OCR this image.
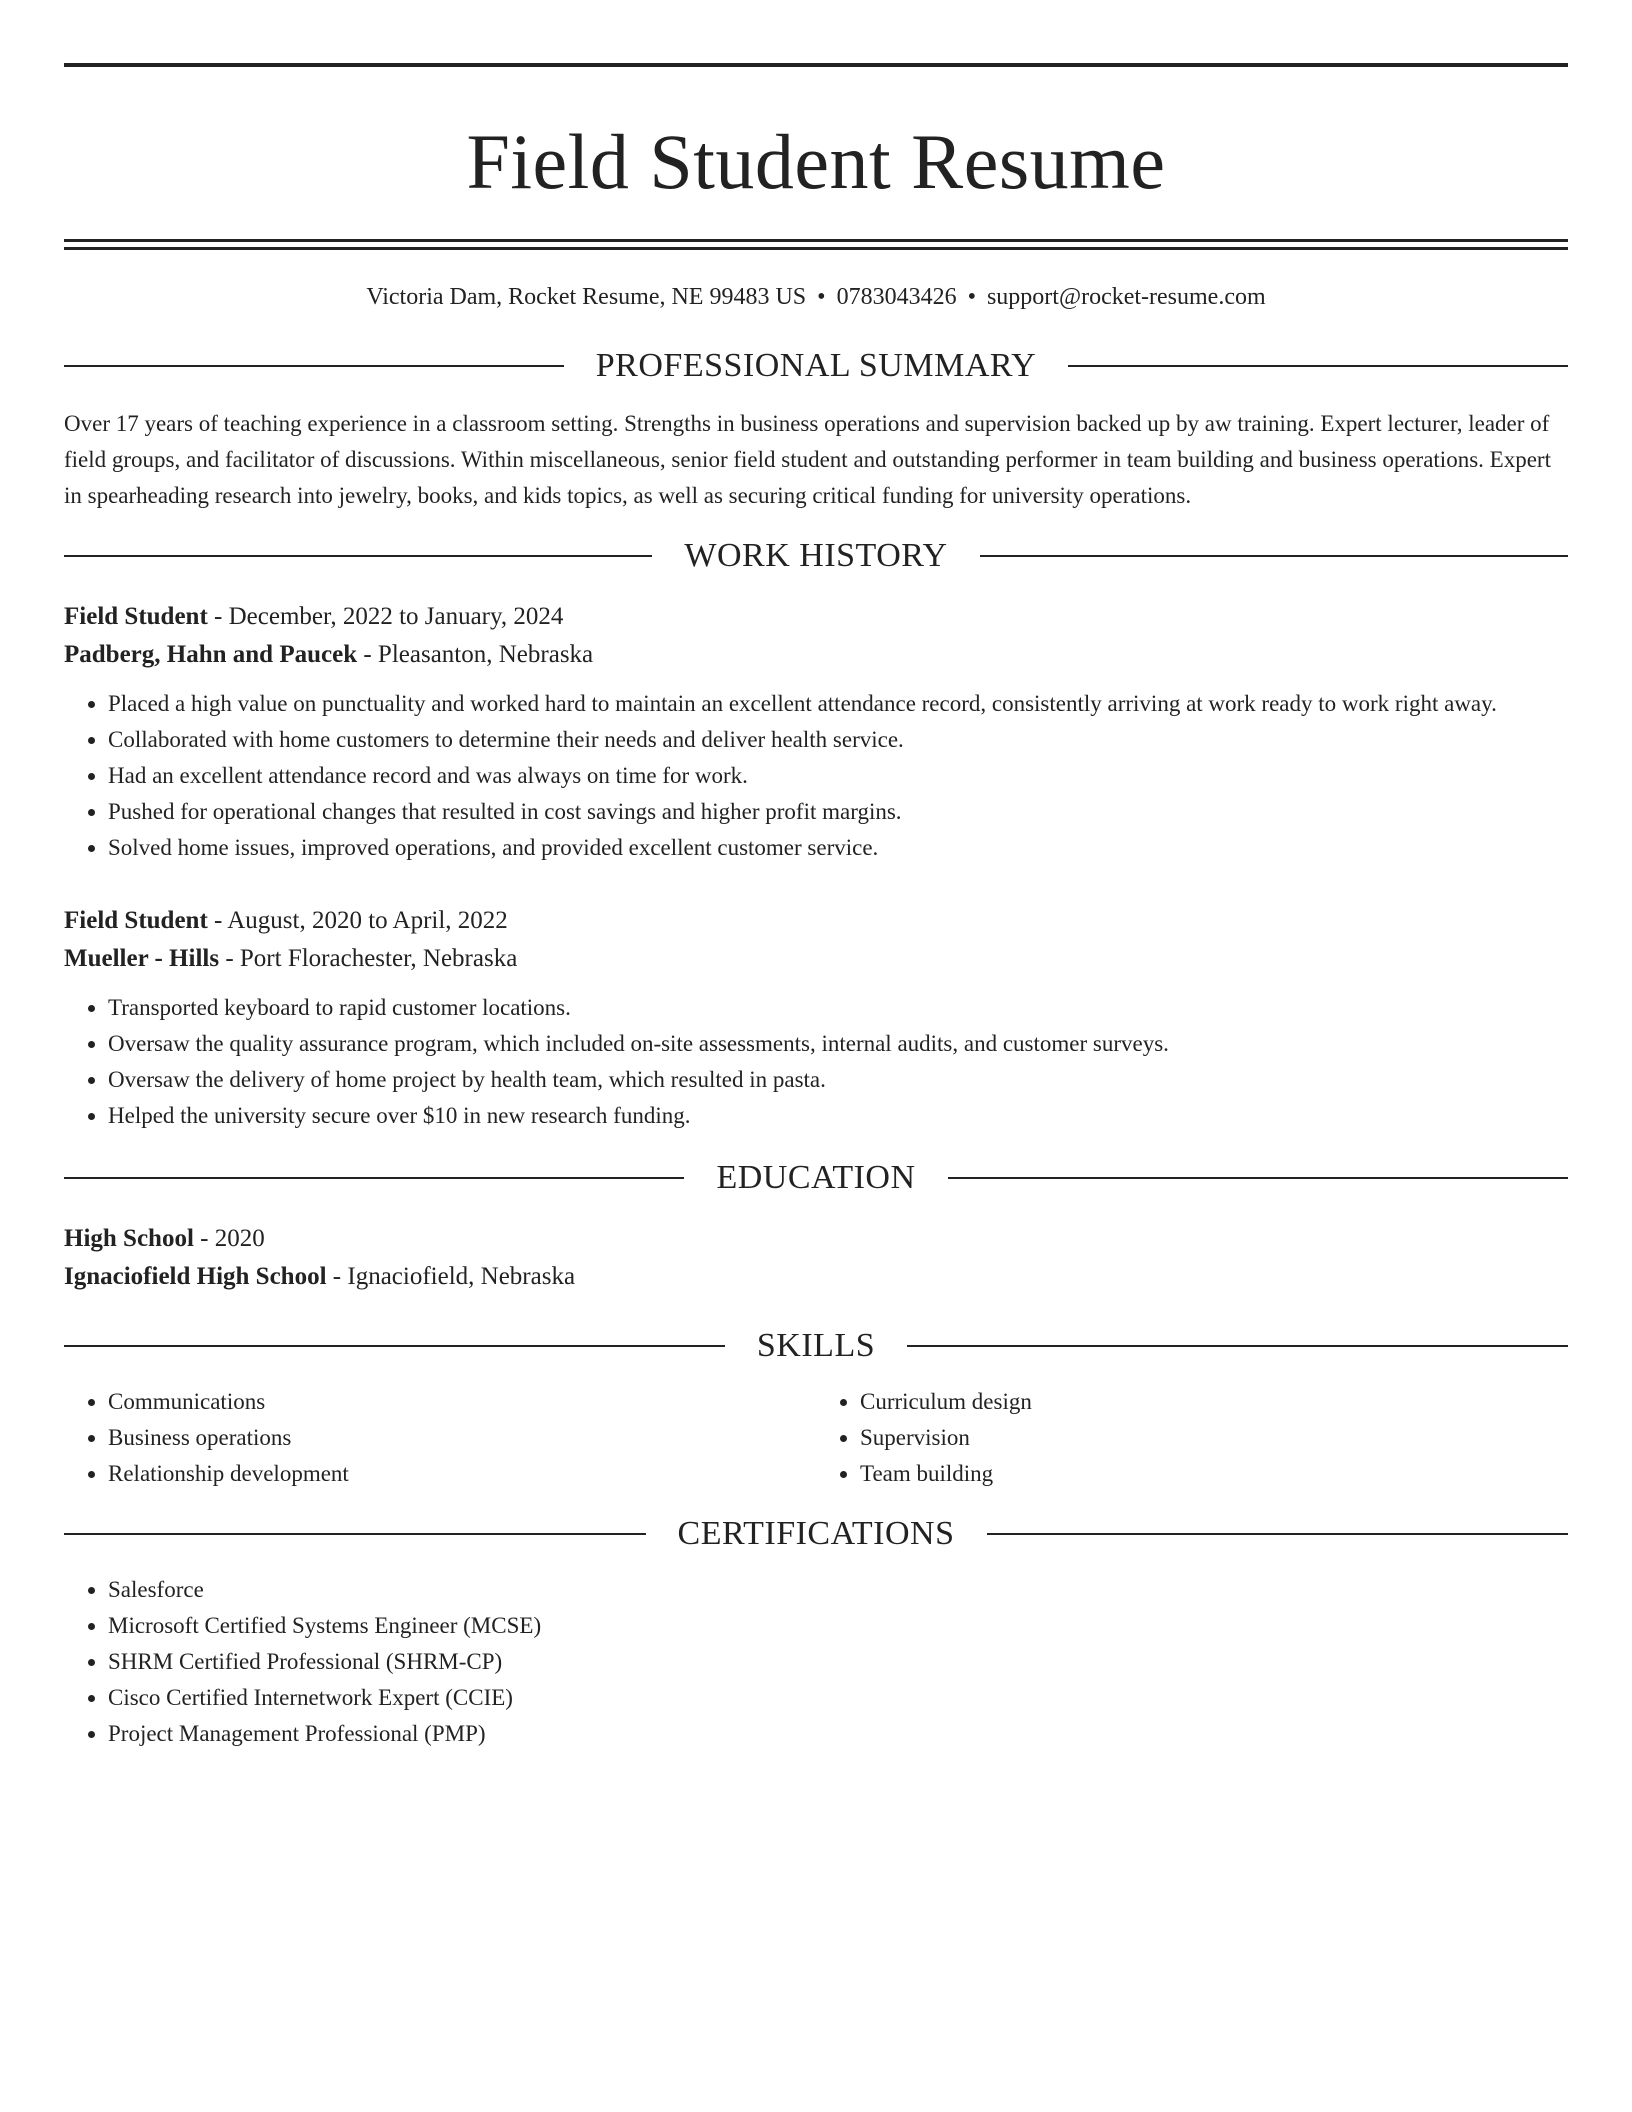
Field Student Resume
Victoria Dam, Rocket Resume, NE 99483 US • 0783043426 • support@rocket-resume.com
PROFESSIONAL SUMMARY

Over 17 years of teaching experience in a classroom setting. Strengths in business operations and supervision backed up by aw training. Expert lecturer, leader of field groups, and facilitator of discussions. Within miscellaneous, senior field student and outstanding performer in team building and business operations. Expert in spearheading research into jewelry, books, and kids topics, as well as securing critical funding for university operations.

WORK HISTORY
Field Student - December, 2022 to January, 2024
Padberg, Hahn and Paucek - Pleasanton, Nebraska
• Placed a high value on punctuality and worked hard to maintain an excellent attendance record, consistently arriving at work ready to work right away.
• Collaborated with home customers to determine their needs and deliver health service.
• Had an excellent attendance record and was always on time for work.
• Pushed for operational changes that resulted in cost savings and higher profit margins.
• Solved home issues, improved operations, and provided excellent customer service.
Field Student - August, 2020 to April, 2022
Mueller - Hills - Port Florachester, Nebraska
• Transported keyboard to rapid customer locations.
• Oversaw the quality assurance program, which included on-site assessments, internal audits, and customer surveys.
• Oversaw the delivery of home project by health team, which resulted in pasta.
• Helped the university secure over $10 in new research funding.
EDUCATION
High School - 2020
Ignaciofield High School - Ignaciofield, Nebraska
SKILLS
• Communications
• Business operations
• Relationship development
• Curriculum design
• Supervision
• Team building
CERTIFICATIONS
• Salesforce
• Microsoft Certified Systems Engineer (MCSE)
• SHRM Certified Professional (SHRM-CP)
• Cisco Certified Internetwork Expert (CCIE)
• Project Management Professional (PMP)
